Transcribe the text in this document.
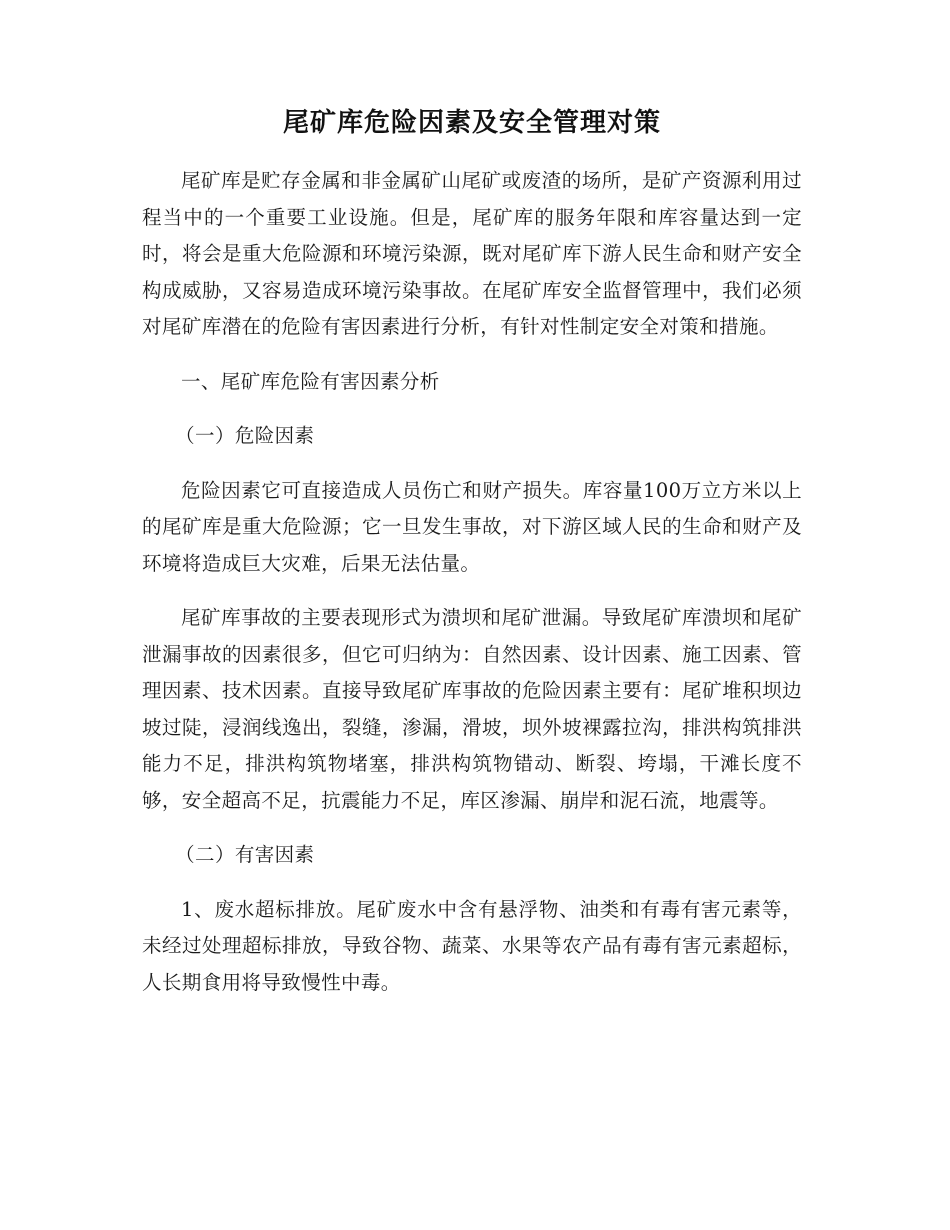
尾矿库危险因素及安全管理对策

尾矿库是贮存金属和非金属矿山尾矿或废渣的场所，是矿产资源利用过程当中的一个重要工业设施。但是，尾矿库的服务年限和库容量达到一定时，将会是重大危险源和环境污染源，既对尾矿库下游人民生命和财产安全构成威胁，又容易造成环境污染事故。在尾矿库安全监督管理中，我们必须对尾矿库潜在的危险有害因素进行分析，有针对性制定安全对策和措施。

一、尾矿库危险有害因素分析

（一）危险因素

危险因素它可直接造成人员伤亡和财产损失。库容量100万立方米以上的尾矿库是重大危险源；它一旦发生事故，对下游区域人民的生命和财产及环境将造成巨大灾难，后果无法估量。

尾矿库事故的主要表现形式为溃坝和尾矿泄漏。导致尾矿库溃坝和尾矿泄漏事故的因素很多，但它可归纳为：自然因素、设计因素、施工因素、管理因素、技术因素。直接导致尾矿库事故的危险因素主要有：尾矿堆积坝边坡过陡，浸润线逸出，裂缝，渗漏，滑坡，坝外坡裸露拉沟，排洪构筑排洪能力不足，排洪构筑物堵塞，排洪构筑物错动、断裂、垮塌，干滩长度不够，安全超高不足，抗震能力不足，库区渗漏、崩岸和泥石流，地震等。

（二）有害因素

1、废水超标排放。尾矿废水中含有悬浮物、油类和有毒有害元素等，未经过处理超标排放，导致谷物、蔬菜、水果等农产品有毒有害元素超标，人长期食用将导致慢性中毒。
